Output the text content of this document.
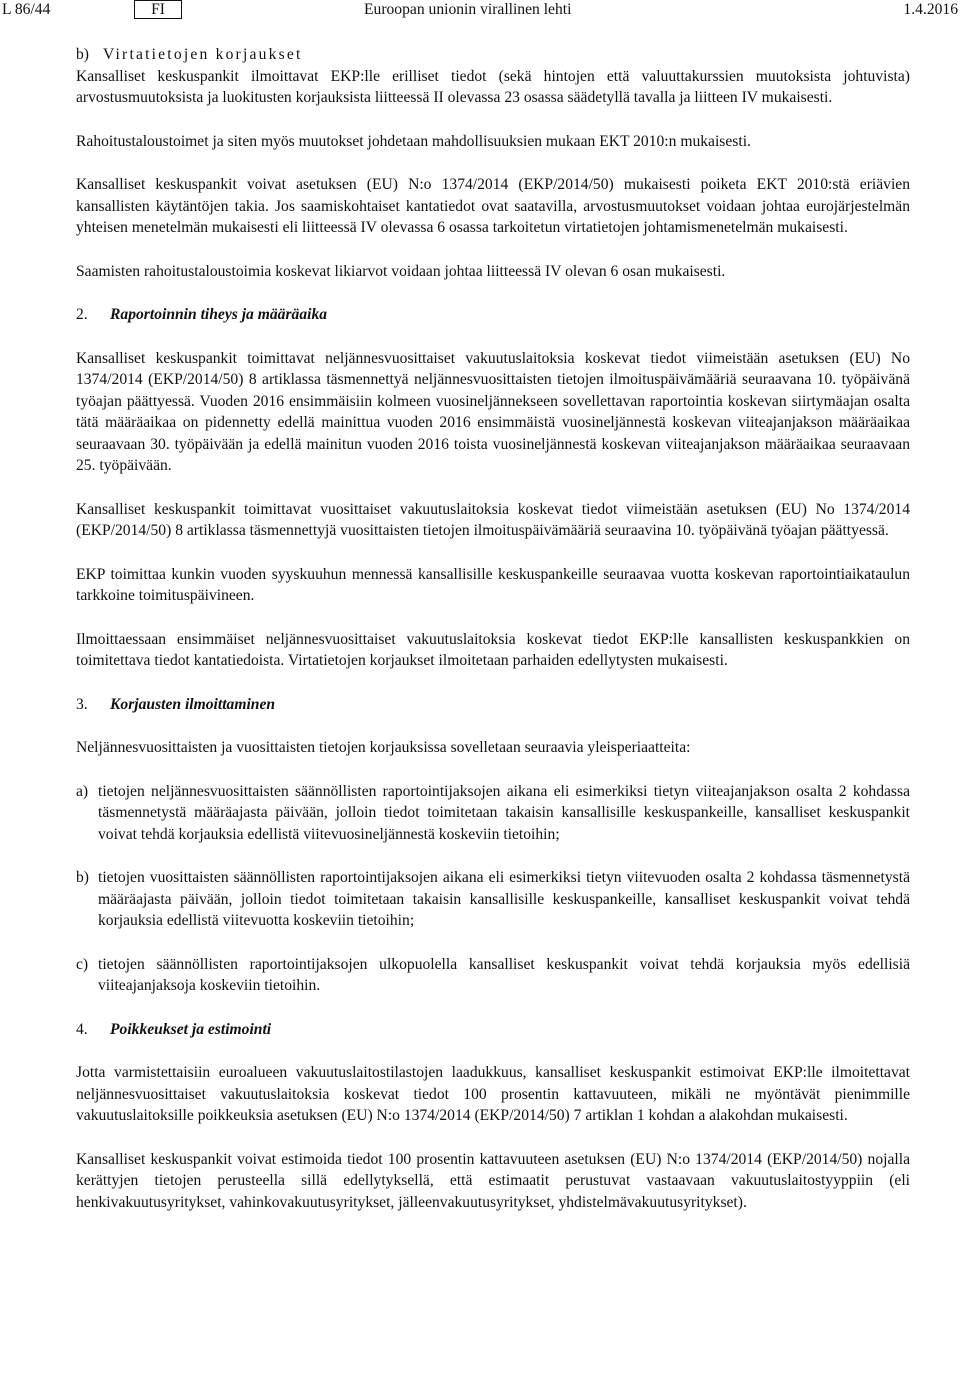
L 86/44	FI	Euroopan unionin virallinen lehti	1.4.2016

b) Virtatietojen korjaukset

Kansalliset keskuspankit ilmoittavat EKP:lle erilliset tiedot (sekä hintojen että valuuttakurssien muutoksista johtuvista) arvostusmuutoksista ja luokitusten korjauksista liitteessä II olevassa 23 osassa säädetyllä tavalla ja liitteen IV mukaisesti.

Rahoitustaloustoimet ja siten myös muutokset johdetaan mahdollisuuksien mukaan EKT 2010:n mukaisesti.

Kansalliset keskuspankit voivat asetuksen (EU) N:o 1374/2014 (EKP/2014/50) mukaisesti poiketa EKT 2010:stä eriävien kansallisten käytäntöjen takia. Jos saamiskohtaiset kantatiedot ovat saatavilla, arvostusmuutokset voidaan johtaa eurojärjestelmän yhteisen menetelmän mukaisesti eli liitteessä IV olevassa 6 osassa tarkoitetun virtatietojen johtamismenetelmän mukaisesti.

Saamisten rahoitustaloustoimia koskevat likiarvot voidaan johtaa liitteessä IV olevan 6 osan mukaisesti.

2.	Raportoinnin tiheys ja määräaika

Kansalliset keskuspankit toimittavat neljännesvuosittaiset vakuutuslaitoksia koskevat tiedot viimeistään asetuksen (EU) No 1374/2014 (EKP/2014/50) 8 artiklassa täsmennettyä neljännesvuosittaisten tietojen ilmoituspäivämääriä seuraavana 10. työpäivänä työajan päättyessä. Vuoden 2016 ensimmäisiin kolmeen vuosineljännekseen sovellettavan raportointia koskevan siirtymäajan osalta tätä määräaikaa on pidennetty edellä mainittua vuoden 2016 ensimmäistä vuosineljännestä koskevan viiteajanjakson määräaikaa seuraavaan 30. työpäivään ja edellä mainitun vuoden 2016 toista vuosineljännestä koskevan viiteajanjakson määräaikaa seuraavaan 25. työpäivään.

Kansalliset keskuspankit toimittavat vuosittaiset vakuutuslaitoksia koskevat tiedot viimeistään asetuksen (EU) No 1374/2014 (EKP/2014/50) 8 artiklassa täsmennettyjä vuosittaisten tietojen ilmoituspäivämääriä seuraavina 10. työpäivänä työajan päättyessä.

EKP toimittaa kunkin vuoden syyskuuhun mennessä kansallisille keskuspankeille seuraavaa vuotta koskevan raportointiaikataulun tarkkoine toimituspäivineen.

Ilmoittaessaan ensimmäiset neljännesvuosittaiset vakuutuslaitoksia koskevat tiedot EKP:lle kansallisten keskuspankkien on toimitettava tiedot kantatiedoista. Virtatietojen korjaukset ilmoitetaan parhaiden edellytysten mukaisesti.

3.	Korjausten ilmoittaminen

Neljännesvuosittaisten ja vuosittaisten tietojen korjauksissa sovelletaan seuraavia yleisperiaatteita:

a) tietojen neljännesvuosittaisten säännöllisten raportointijaksojen aikana eli esimerkiksi tietyn viiteajanjakson osalta 2 kohdassa täsmennetystä määräajasta päivään, jolloin tiedot toimitetaan takaisin kansallisille keskuspankeille, kansalliset keskuspankit voivat tehdä korjauksia edellistä viitevuosineljännestä koskeviin tietoihin;
b) tietojen vuosittaisten säännöllisten raportointijaksojen aikana eli esimerkiksi tietyn viitevuoden osalta 2 kohdassa täsmennetystä määräajasta päivään, jolloin tiedot toimitetaan takaisin kansallisille keskuspankeille, kansalliset keskuspankit voivat tehdä korjauksia edellistä viitevuotta koskeviin tietoihin;
c) tietojen säännöllisten raportointijaksojen ulkopuolella kansalliset keskuspankit voivat tehdä korjauksia myös edellisiä viiteajanjaksoja koskeviin tietoihin.
4.	Poikkeukset ja estimointi

Jotta varmistettaisiin euroalueen vakuutuslaitostilastojen laadukkuus, kansalliset keskuspankit estimoivat EKP:lle ilmoitettavat neljännesvuosittaiset vakuutuslaitoksia koskevat tiedot 100 prosentin kattavuuteen, mikäli ne myöntävät pienimmille vakuutuslaitoksille poikkeuksia asetuksen (EU) N:o 1374/2014 (EKP/2014/50) 7 artiklan 1 kohdan a alakohdan mukaisesti.

Kansalliset keskuspankit voivat estimoida tiedot 100 prosentin kattavuuteen asetuksen (EU) N:o 1374/2014 (EKP/2014/50) nojalla kerättyjen tietojen perusteella sillä edellytyksellä, että estimaatit perustuvat vastaavaan vakuutuslaitostyyppiin (eli henkivakuutusyritykset, vahinkovakuutusyritykset, jälleenvakuutusyritykset, yhdistelmävakuutusyritykset).
